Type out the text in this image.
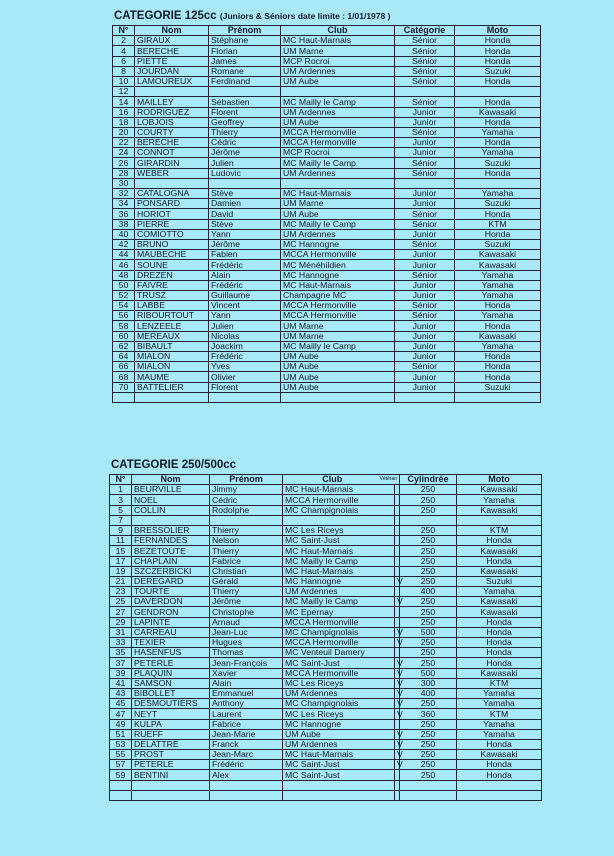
CATEGORIE 125cc (Juniors & Séniors date limite : 1/01/1978 )
N°	Nom	Prénom	Club	Catégorie	Moto
2	GIRAUX	Stéphane	MC Haut-Marnais	Sénior	Honda
4	BERECHE	Florian	UM Marne	Sénior	Honda
6	PIETTE	James	MCP Rocroi	Sénior	Honda
8	JOURDAN	Romane	UM Ardennes	Sénior	Suzuki
10	LAMOUREUX	Ferdinand	UM Aube	Sénior	Honda
12					
14	MAILLEY	Sébastien	MC Mailly le Camp	Sénior	Honda
16	RODRIGUEZ	Florent	UM Ardennes	Junior	Kawasaki
18	LOBJOIS	Geoffrey	UM Aube	Junior	Honda
20	COURTY	Thierry	MCCA Hermonville	Sénior	Yamaha
22	BERECHE	Cédric	MCCA Hermonville	Junior	Honda
24	CONNOT	Jérôme	MCP Rocroi	Junior	Yamaha
26	GIRARDIN	Julien	MC Mailly le Camp	Sénior	Suzuki
28	WEBER	Ludovic	UM Ardennes	Sénior	Honda
30					
32	CATALOGNA	Stève	MC Haut-Marnais	Junior	Yamaha
34	PONSARD	Damien	UM Marne	Junior	Suzuki
36	HORIOT	David	UM Aube	Sénior	Honda
38	PIERRE	Stève	MC Mailly le Camp	Sénior	KTM
40	COMIOTTO	Yann	UM Ardennes	Junior	Honda
42	BRUNO	Jérôme	MC Hannogne	Sénior	Suzuki
44	MAUBECHE	Fabien	MCCA Hermonville	Junior	Kawasaki
46	SOUNE	Frédéric	MC Ménéhildien	Junior	Kawasaki
48	DREZEN	Alain	MC Hannogne	Sénior	Yamaha
50	FAIVRE	Frédéric	MC Haut-Marnais	Junior	Yamaha
52	TRUSZ	Guillaume	Champagne MC	Junior	Yamaha
54	LABBE	Vincent	MCCA Hermonville	Sénior	Honda
56	RIBOURTOUT	Yann	MCCA Hermonville	Sénior	Yamaha
58	LENZEELE	Julien	UM Marne	Junior	Honda
60	MEREAUX	Nicolas	UM Marne	Junior	Kawasaki
62	BIBAULT	Joackim	MC Mailly le Camp	Junior	Yamaha
64	MIALON	Frédéric	UM Aube	Junior	Honda
66	MIALON	Yves	UM Aube	Sénior	Honda
68	MAUME	Olivier	UM Aube	Junior	Honda
70	BATTELIER	Florent	UM Aube	Junior	Suzuki

CATEGORIE 250/500cc
N°	Nom	Prénom	Club Vétéran		Cylindrée	Moto
1	BEURVILLE	Jimmy	MC Haut-Marnais		250	Kawasaki
3	NOEL	Cédric	MCCA Hermonville		250	Yamaha
5	COLLIN	Rodolphe	MC Champignolais		250	Kawasaki
7						
9	BRESSOLIER	Thierry	MC Les Riceys		250	KTM
11	FERNANDES	Nelson	MC Saint-Just		250	Honda
15	BEZETOUTE	Thierry	MC Haut-Marnais		250	Kawasaki
17	CHAPLAIN	Fabrice	MC Mailly le Camp		250	Honda
19	SZCZERBICKI	Christian	MC Haut-Marnais		250	Kawasaki
21	DEREGARD	Gérald	MC Hannogne	V	250	Suzuki
23	TOURTE	Thierry	UM Ardennes		400	Yamaha
25	DAVERDON	Jérôme	MC Mailly le Camp	V	250	Kawasaki
27	GENDRON	Christophe	MC Epernay		250	Kawasaki
29	LAPINTE	Arnaud	MCCA Hermonville		250	Honda
31	CARREAU	Jean-Luc	MC Champignolais	V	500	Honda
33	TEXIER	Hugues	MCCA Hermonville	V	250	Honda
35	HASENFUS	Thomas	MC Venteuil Damery		250	Honda
37	PETERLE	Jean-François	MC Saint-Just	V	250	Honda
39	PLAQUIN	Xavier	MCCA Hermonville	V	500	Kawasaki
41	SAMSON	Alain	MC Les Riceys	V	300	KTM
43	BIBOLLET	Emmanuel	UM Ardennes	V	400	Yamaha
45	DESMOUTIERS	Anthony	MC Champignolais	V	250	Yamaha
47	NEYT	Laurent	MC Les Riceys	V	360	KTM
49	KULPA	Fabrice	MC Hannogne		250	Yamaha
51	RUEFF	Jean-Marie	UM Aube	V	250	Yamaha
53	DELATTRE	Franck	UM Ardennes	V	250	Honda
55	PROST	Jean-Marc	MC Haut-Marnais	V	250	Kawasaki
57	PETERLE	Frédéric	MC Saint-Just	V	250	Honda
59	BENTINI	Alex	MC Saint-Just		250	Honda
